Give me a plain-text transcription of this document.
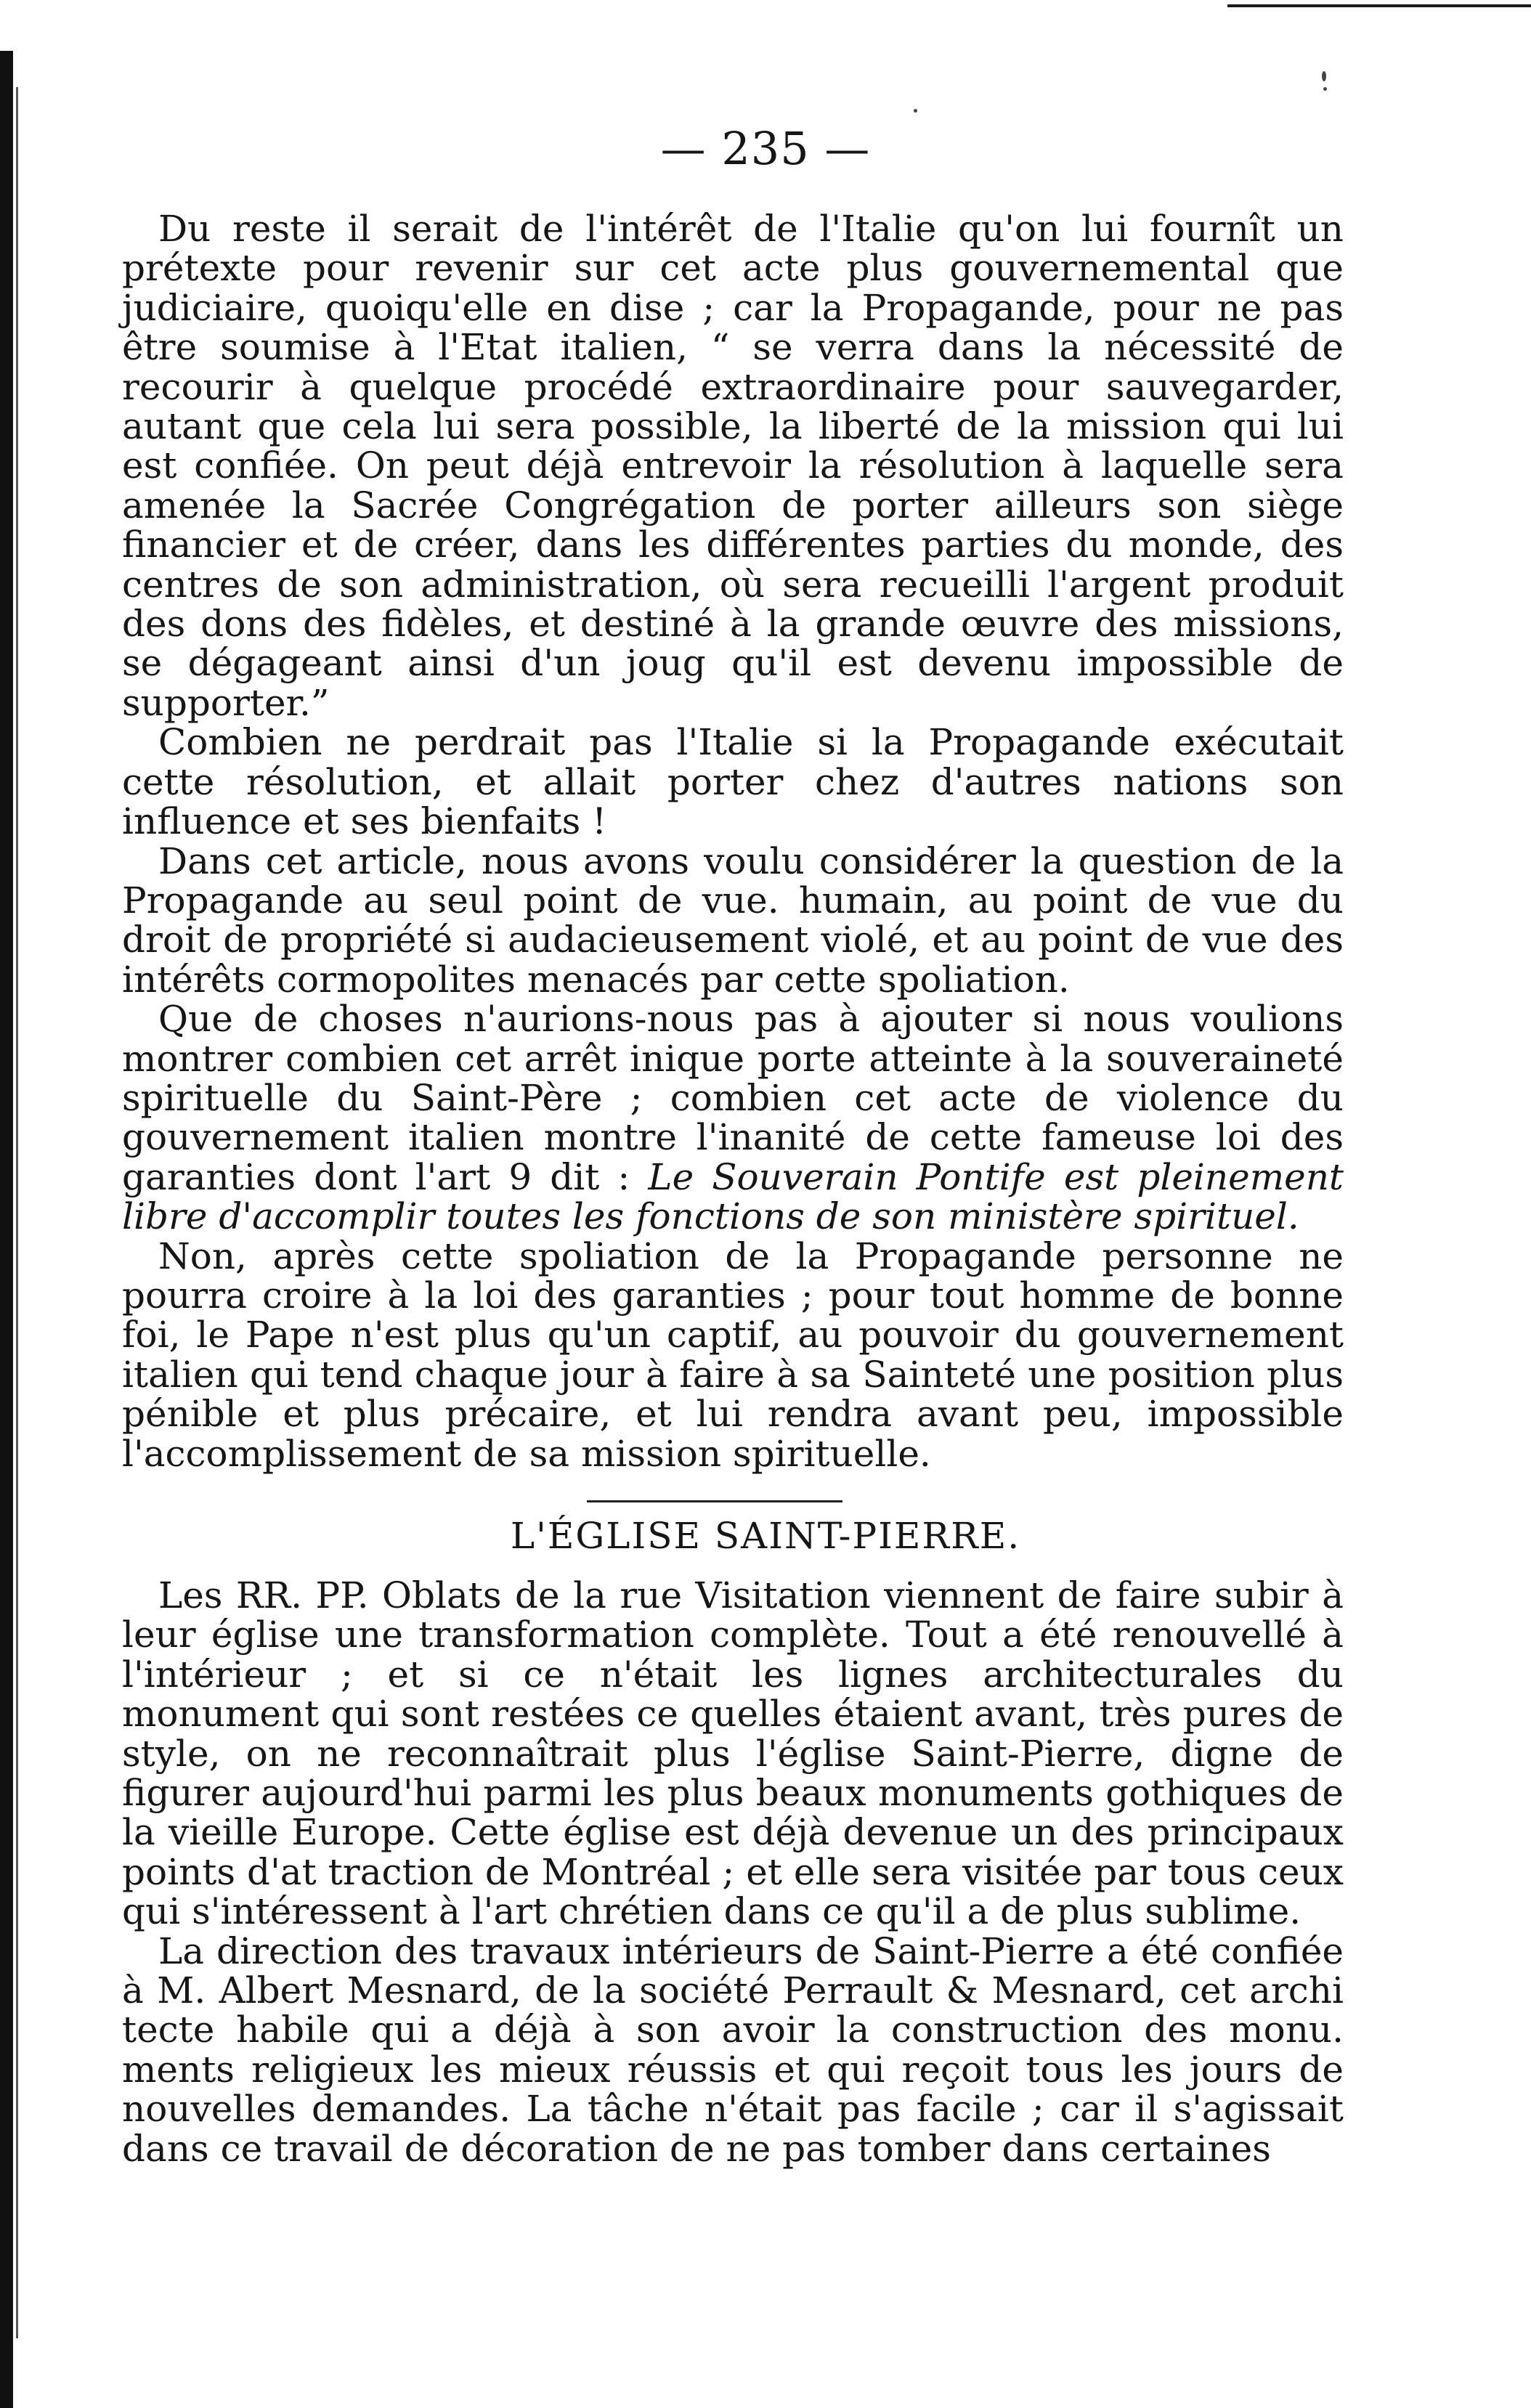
— 235 —

Du reste il serait de l'intérêt de l'Italie qu'on lui fournît un prétexte pour revenir sur cet acte plus gouvernemental que judiciaire, quoiqu'elle en dise ; car la Propagande, pour ne pas être soumise à l'Etat italien, “ se verra dans la nécessité de recourir à quelque procédé extraordinaire pour sauvegarder, autant que cela lui sera possible, la liberté de la mission qui lui est confiée. On peut déjà entrevoir la résolution à laquelle sera amenée la Sacrée Congrégation de porter ailleurs son siège financier et de créer, dans les différentes parties du monde, des centres de son administration, où sera recueilli l'argent produit des dons des fidèles, et destiné à la grande œuvre des missions, se dégageant ainsi d'un joug qu'il est devenu impossible de supporter.”

Combien ne perdrait pas l'Italie si la Propagande exécutait cette résolution, et allait porter chez d'autres nations son influence et ses bienfaits !

Dans cet article, nous avons voulu considérer la question de la Propagande au seul point de vue. humain, au point de vue du droit de propriété si audacieusement violé, et au point de vue des intérêts cormopolites menacés par cette spoliation.

Que de choses n'aurions-nous pas à ajouter si nous voulions montrer combien cet arrêt inique porte atteinte à la souveraineté spirituelle du Saint-Père ; combien cet acte de violence du gouvernement italien montre l'inanité de cette fameuse loi des garanties dont l'art 9 dit : Le Souverain Pontife est pleinement libre d'accomplir toutes les fonctions de son ministère spirituel.

Non, après cette spoliation de la Propagande personne ne pourra croire à la loi des garanties ; pour tout homme de bonne foi, le Pape n'est plus qu'un captif, au pouvoir du gouvernement italien qui tend chaque jour à faire à sa Sainteté une position plus pénible et plus précaire, et lui rendra avant peu, impossible l'accomplissement de sa mission spirituelle.

L'ÉGLISE SAINT-PIERRE.

Les RR. PP. Oblats de la rue Visitation viennent de faire subir à leur église une transformation complète. Tout a été renouvellé à l'intérieur ; et si ce n'était les lignes architecturales du monument qui sont restées ce quelles étaient avant, très pures de style, on ne reconnaîtrait plus l'église Saint-Pierre, digne de figurer aujourd'hui parmi les plus beaux monuments gothiques de la vieille Europe. Cette église est déjà devenue un des principaux points d'at traction de Montréal ; et elle sera visitée par tous ceux qui s'intéressent à l'art chrétien dans ce qu'il a de plus sublime.

La direction des travaux intérieurs de Saint-Pierre a été confiée à M. Albert Mesnard, de la société Perrault & Mesnard, cet archi tecte habile qui a déjà à son avoir la construction des monu. ments religieux les mieux réussis et qui reçoit tous les jours de nouvelles demandes. La tâche n'était pas facile ; car il s'agissait dans ce travail de décoration de ne pas tomber dans certaines
